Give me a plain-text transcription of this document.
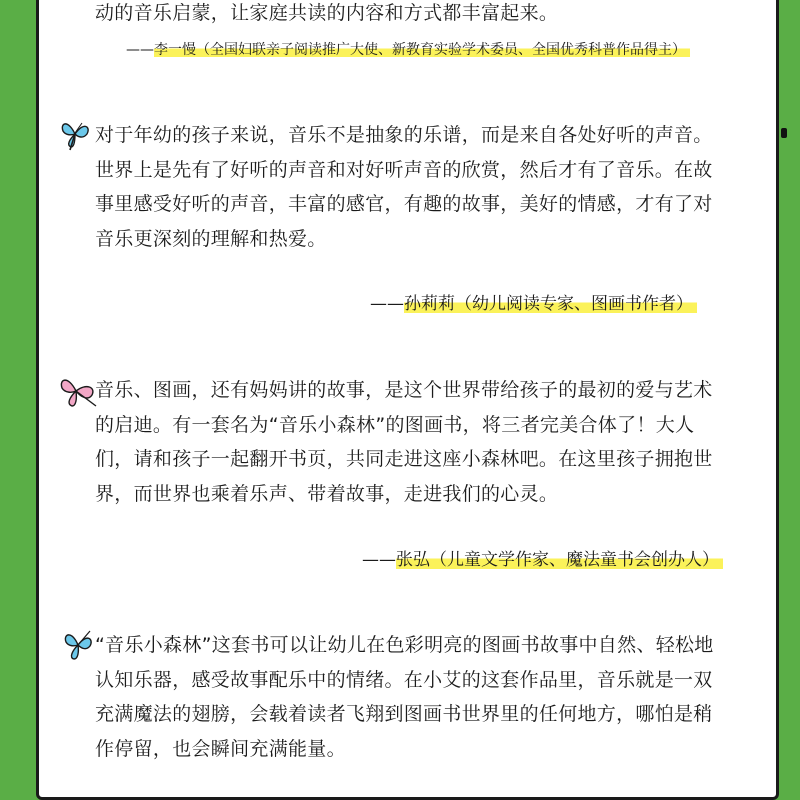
动的音乐启蒙，让家庭共读的内容和方式都丰富起来。
——李一慢（全国妇联亲子阅读推广大使、新教育实验学术委员、全国优秀科普作品得主）
对于年幼的孩子来说，音乐不是抽象的乐谱，而是来自各处好听的声音。世界上是先有了好听的声音和对好听声音的欣赏，然后才有了音乐。在故事里感受好听的声音，丰富的感官，有趣的故事，美好的情感，才有了对音乐更深刻的理解和热爱。
——孙莉莉（幼儿阅读专家、图画书作者）
音乐、图画，还有妈妈讲的故事，是这个世界带给孩子的最初的爱与艺术的启迪。有一套名为“音乐小森林”的图画书，将三者完美合体了！大人们，请和孩子一起翻开书页，共同走进这座小森林吧。在这里孩子拥抱世界，而世界也乘着乐声、带着故事，走进我们的心灵。
——张弘（儿童文学作家、魔法童书会创办人）
“音乐小森林”这套书可以让幼儿在色彩明亮的图画书故事中自然、轻松地认知乐器，感受故事配乐中的情绪。在小艾的这套作品里，音乐就是一双充满魔法的翅膀，会载着读者飞翔到图画书世界里的任何地方，哪怕是稍作停留，也会瞬间充满能量。
